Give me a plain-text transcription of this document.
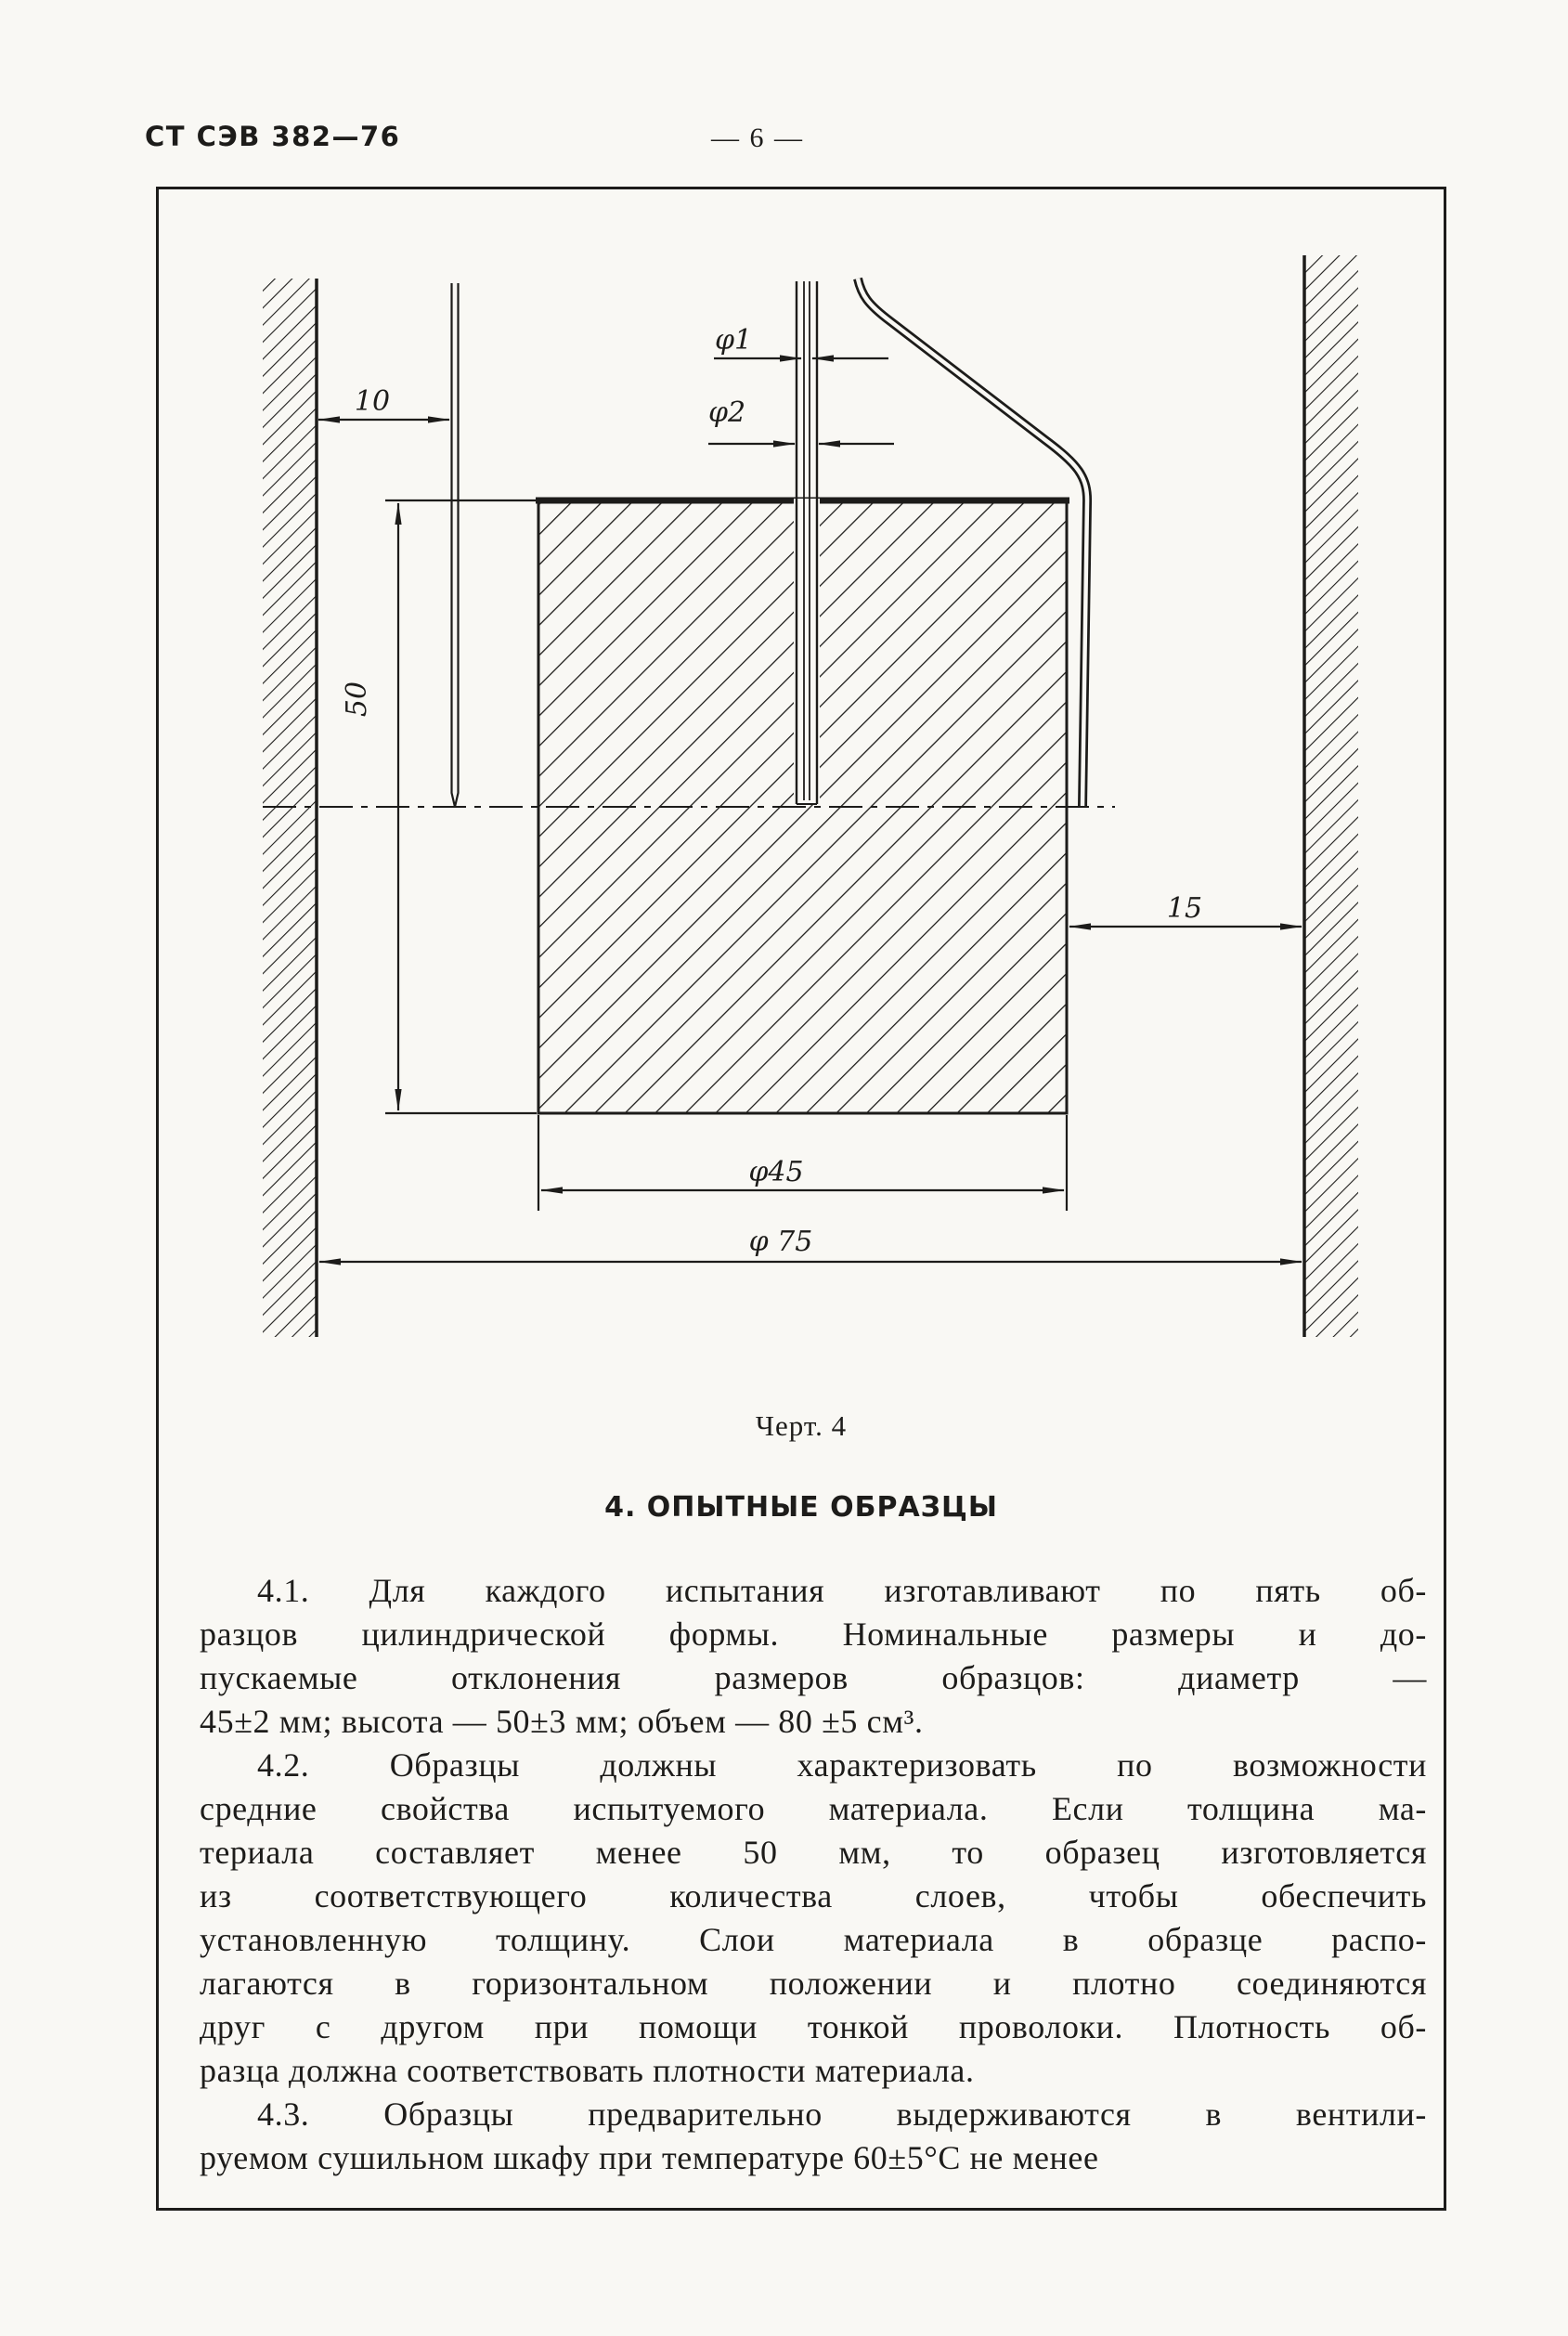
СТ СЭВ 382—76	— 6 —
10
φ1
φ2
50
15
φ45
φ 75
Черт. 4
4. ОПЫТНЫЕ ОБРАЗЦЫ
4.1. Для каждого испытания изготавливают по пять об-
разцов цилиндрической формы. Номинальные размеры и до-
пускаемые отклонения размеров образцов: диаметр —
45±2 мм; высота — 50±3 мм; объем — 80 ±5 см³.
4.2. Образцы должны характеризовать по возможности
средние свойства испытуемого материала. Если толщина ма-
териала составляет менее 50 мм, то образец изготовляется
из соответствующего количества слоев, чтобы обеспечить
установленную толщину. Слои материала в образце распо-
лагаются в горизонтальном положении и плотно соединяются
друг с другом при помощи тонкой проволоки. Плотность об-
разца должна соответствовать плотности материала.
4.3. Образцы предварительно выдерживаются в вентили-
руемом сушильном шкафу при температуре 60±5°С не менее
